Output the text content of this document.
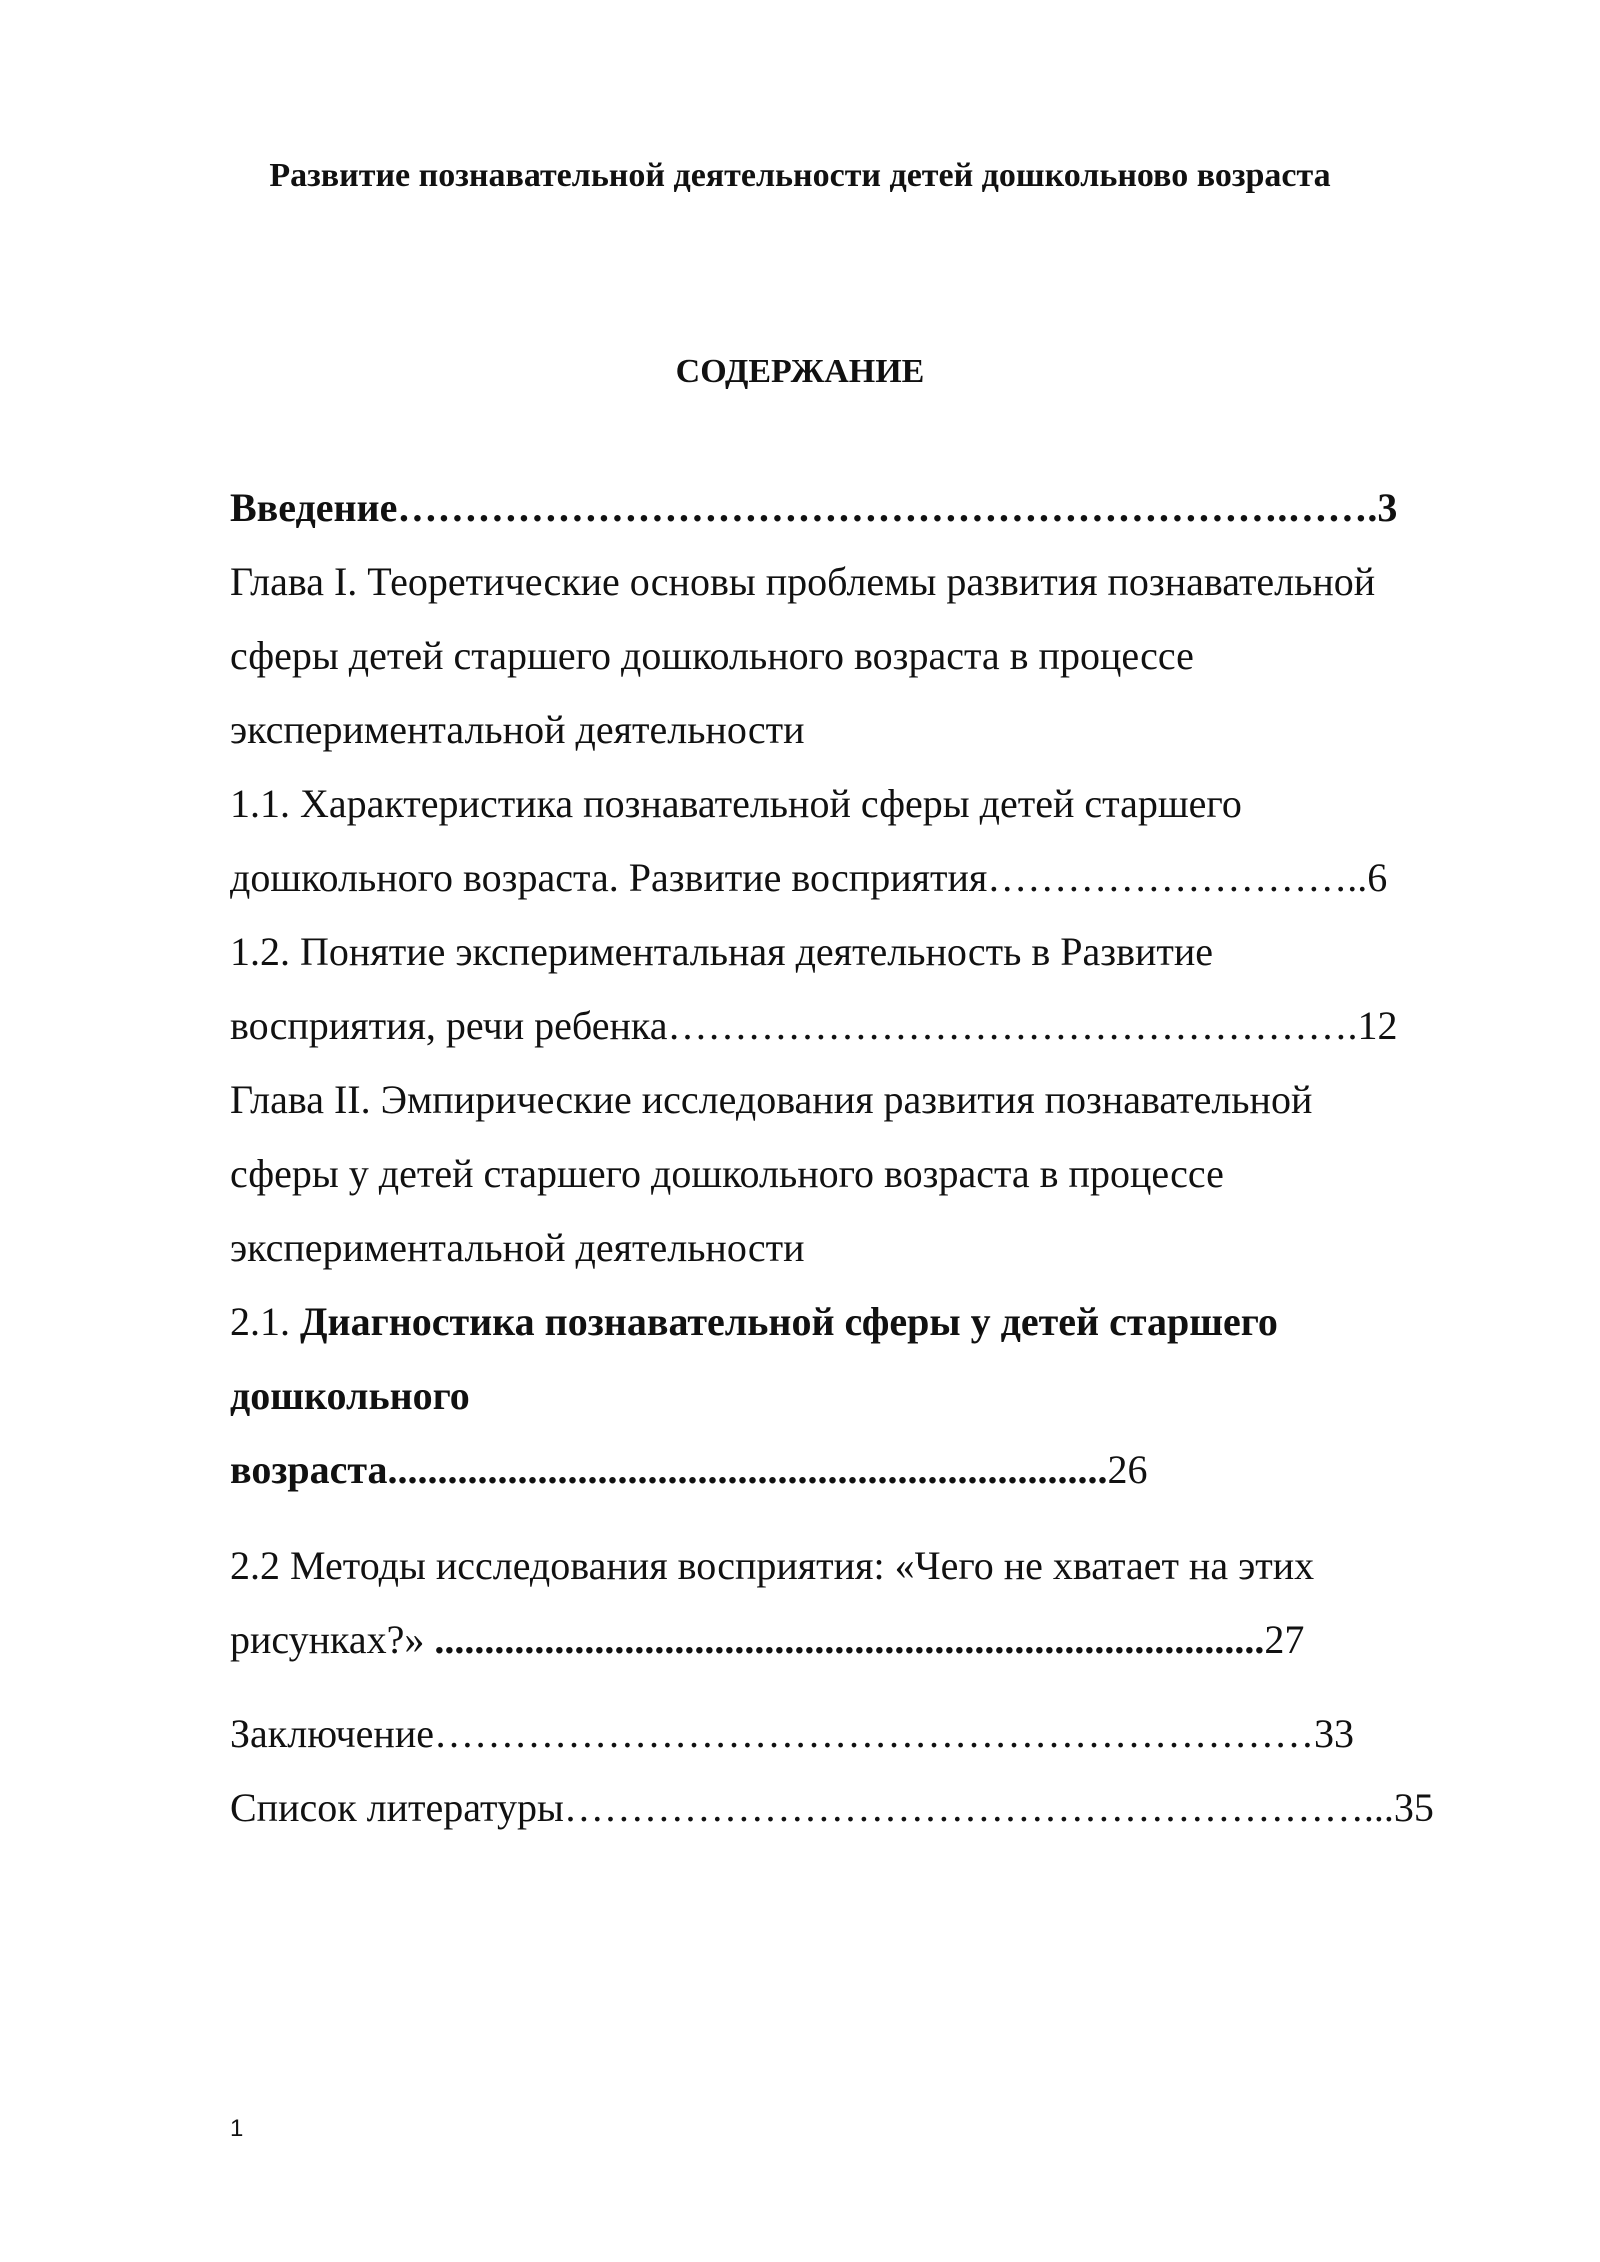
Развитие познавательной деятельности детей дошкольново возраста
СОДЕРЖАНИЕ
Введение………………………………………………………….…….3
Глава I. Теоретические основы проблемы развития познавательной
сферы детей старшего дошкольного возраста в процессе
экспериментальной деятельности
1.1. Характеристика познавательной сферы детей старшего
дошкольного возраста. Развитие восприятия………………………..6
1.2. Понятие экспериментальная деятельность в Развитие
восприятия, речи ребенка…………………………………………….12
Глава II. Эмпирические исследования развития познавательной
сферы у детей старшего дошкольного возраста в процессе
экспериментальной деятельности
2.1. Диагностика познавательной сферы у детей старшего
дошкольного
возраста........................................................................26
2.2 Методы исследования восприятия: «Чего не хватает на этих
рисунках?» ...................................................................................27
Заключение…………………………………………………………33
Список литературы……………………………………………………...35
1
